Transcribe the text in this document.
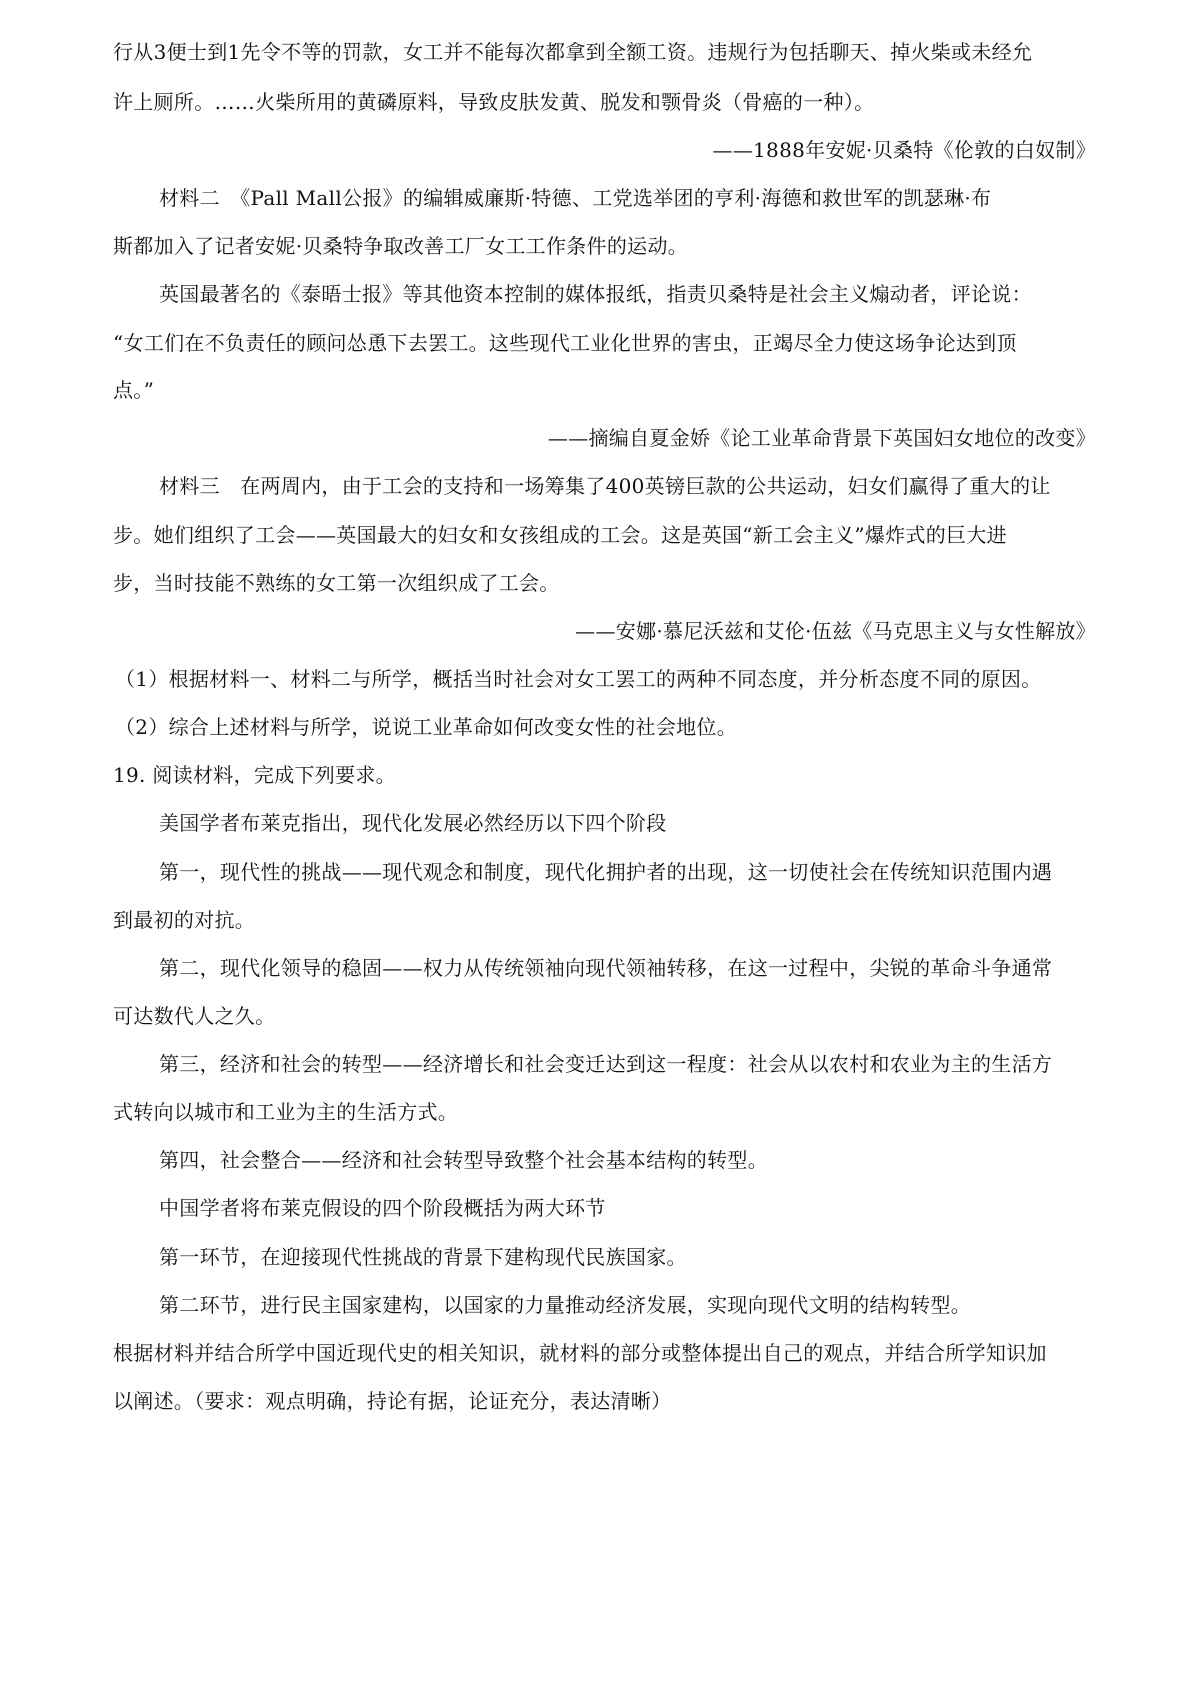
行从3便士到1先令不等的罚款，女工并不能每次都拿到全额工资。违规行为包括聊天、掉火柴或未经允
许上厕所。……火柴所用的黄磷原料，导致皮肤发黄、脱发和颚骨炎（骨癌的一种）。
——1888年安妮·贝桑特《伦敦的白奴制》
材料二　《Pall Mall公报》的编辑威廉斯·特德、工党选举团的亨利·海德和救世军的凯瑟琳·布
斯都加入了记者安妮·贝桑特争取改善工厂女工工作条件的运动。
英国最著名的《泰晤士报》等其他资本控制的媒体报纸，指责贝桑特是社会主义煽动者，评论说：
“女工们在不负责任的顾问怂恿下去罢工。这些现代工业化世界的害虫，正竭尽全力使这场争论达到顶
点。”
——摘编自夏金娇《论工业革命背景下英国妇女地位的改变》
材料三　在两周内，由于工会的支持和一场筹集了400英镑巨款的公共运动，妇女们赢得了重大的让
步。她们组织了工会——英国最大的妇女和女孩组成的工会。这是英国“新工会主义”爆炸式的巨大进
步，当时技能不熟练的女工第一次组织成了工会。
——安娜·慕尼沃兹和艾伦·伍兹《马克思主义与女性解放》
（1）根据材料一、材料二与所学，概括当时社会对女工罢工的两种不同态度，并分析态度不同的原因。
（2）综合上述材料与所学，说说工业革命如何改变女性的社会地位。
19. 阅读材料，完成下列要求。
美国学者布莱克指出，现代化发展必然经历以下四个阶段
第一，现代性的挑战——现代观念和制度，现代化拥护者的出现，这一切使社会在传统知识范围内遇
到最初的对抗。
第二，现代化领导的稳固——权力从传统领袖向现代领袖转移，在这一过程中，尖锐的革命斗争通常
可达数代人之久。
第三，经济和社会的转型——经济增长和社会变迁达到这一程度：社会从以农村和农业为主的生活方
式转向以城市和工业为主的生活方式。
第四，社会整合——经济和社会转型导致整个社会基本结构的转型。
中国学者将布莱克假设的四个阶段概括为两大环节
第一环节，在迎接现代性挑战的背景下建构现代民族国家。
第二环节，进行民主国家建构，以国家的力量推动经济发展，实现向现代文明的结构转型。
根据材料并结合所学中国近现代史的相关知识，就材料的部分或整体提出自己的观点，并结合所学知识加
以阐述。（要求：观点明确，持论有据，论证充分，表达清晰）
